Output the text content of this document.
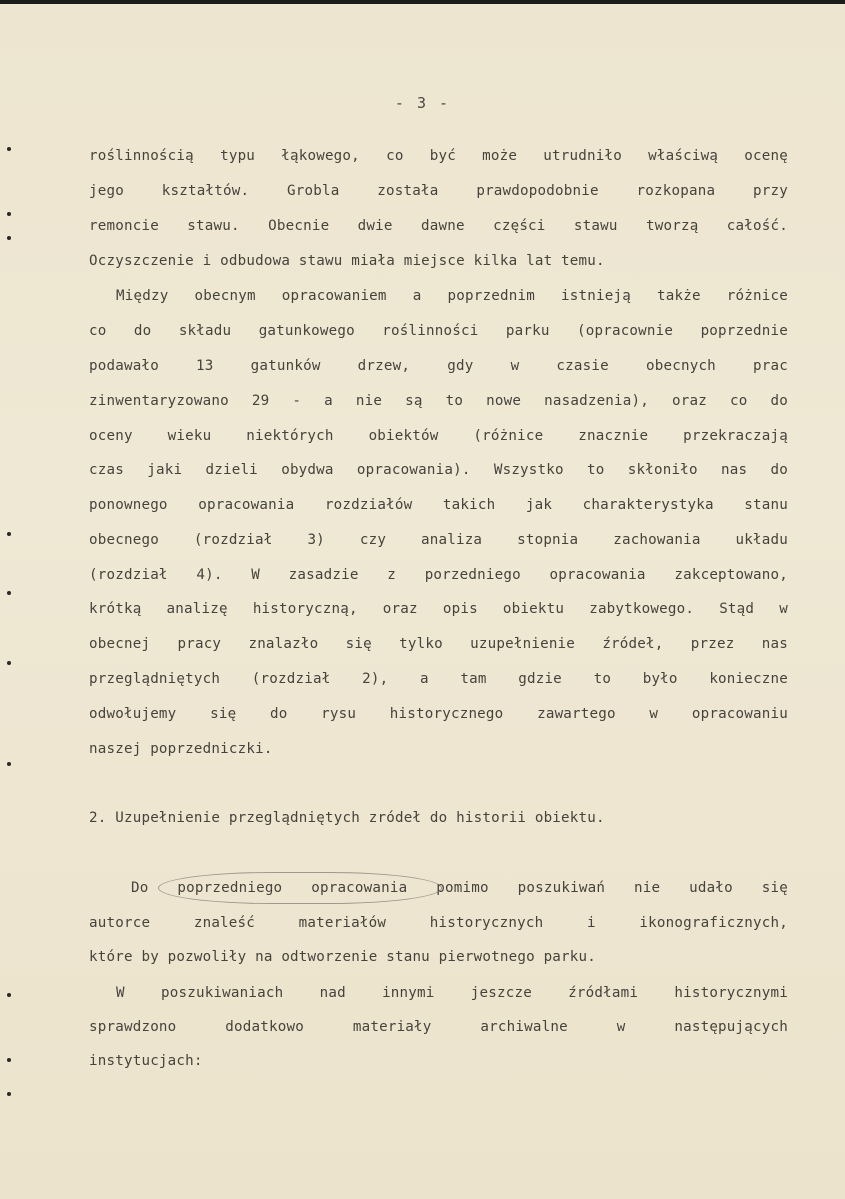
- 3 -
roślinnością typu łąkowego, co być może utrudniło właściwą ocenę
jego kształtów. Grobla została prawdopodobnie rozkopana przy
remoncie stawu. Obecnie dwie dawne części stawu tworzą całość.
Oczyszczenie i odbudowa stawu miała miejsce kilka lat temu.
Między obecnym opracowaniem a poprzednim istnieją także różnice
co do składu gatunkowego roślinności parku (opracownie poprzednie
podawało 13 gatunków drzew, gdy w czasie obecnych prac
zinwentaryzowano 29 - a nie są to nowe nasadzenia), oraz co do
oceny wieku niektórych obiektów (różnice znacznie przekraczają
czas jaki dzieli obydwa opracowania). Wszystko to skłoniło nas do
ponownego opracowania rozdziałów takich jak charakterystyka stanu
obecnego (rozdział 3) czy analiza stopnia zachowania układu
(rozdział 4). W zasadzie z porzedniego opracowania zakceptowano,
krótką analizę historyczną, oraz opis obiektu zabytkowego. Stąd w
obecnej pracy znalazło się tylko uzupełnienie źródeł, przez nas
przeglądniętych (rozdział 2), a tam gdzie to było konieczne
odwołujemy się do rysu historycznego zawartego w opracowaniu
naszej poprzedniczki.
2. Uzupełnienie przeglądniętych zródeł do historii obiektu.
Do poprzedniego opracowania pomimo poszukiwań nie udało się
autorce znaleść materiałów historycznych i ikonograficznych,
które by pozwoliły na odtworzenie stanu pierwotnego parku.
W poszukiwaniach nad innymi jeszcze źródłami historycznymi
sprawdzono dodatkowo materiały archiwalne w następujących
instytucjach:
